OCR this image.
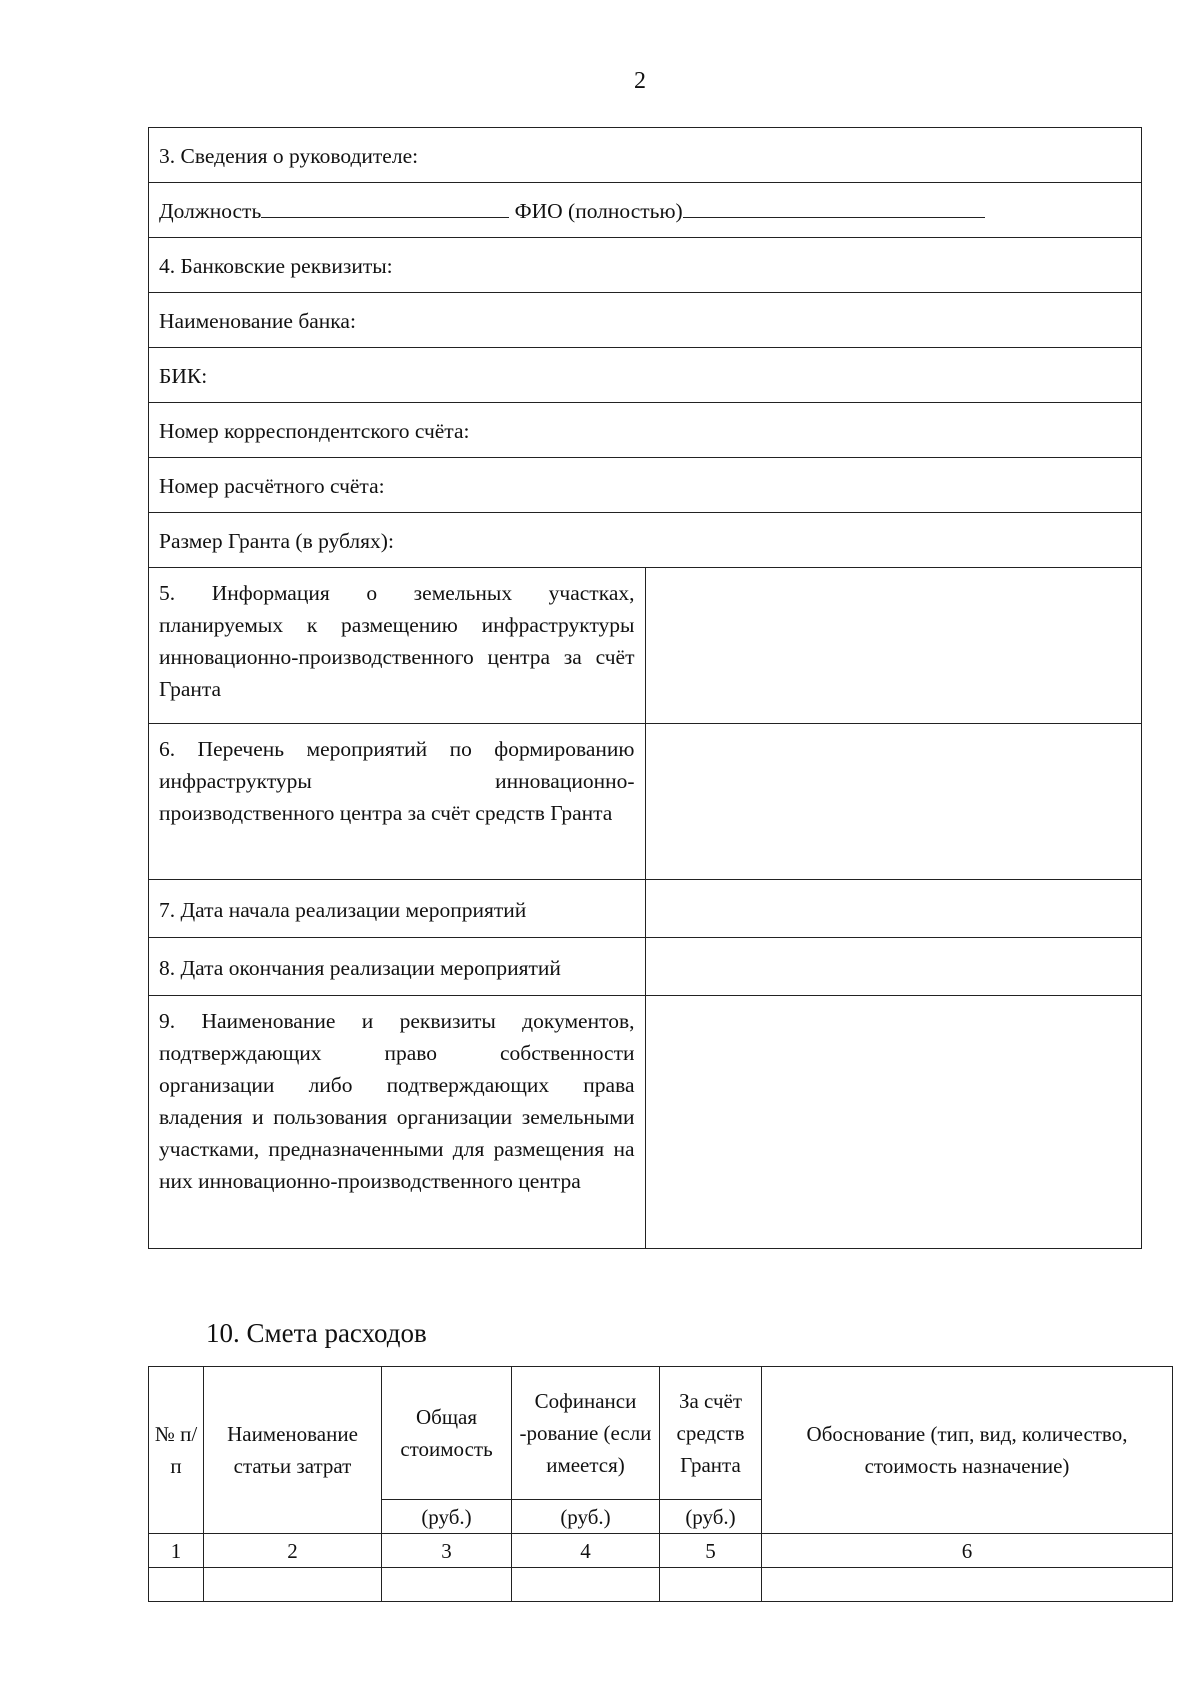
2
3. Сведения о руководителе:	
Должность ФИО (полностью)	
4. Банковские реквизиты:	
Наименование банка:	
БИК:	
Номер корреспондентского счёта:	
Номер расчётного счёта:	
Размер Гранта (в рублях):	
5. Информация о земельных участках, планируемых к размещению инфраструктуры инновационно-производственного центра за счёт Гранта	
6. Перечень мероприятий по формированию инфраструктуры инновационно- производственного центра за счёт средств Гранта	
7. Дата начала реализации мероприятий	
8. Дата окончания реализации мероприятий	
9. Наименование и реквизиты документов, подтверждающих право собственности организации либо подтверждающих права владения и пользования организации земельными участками, предназначенными для размещения на них инновационно-производственного центра	
10. Смета расходов
№ п/п	Наименование статьи затрат	Общая стоимость	Софинанси -рование (если имеется)	За счёт средств Гранта	Обоснование (тип, вид, количество, стоимость назначение)
		(руб.)	(руб.)	(руб.)	
1	2	3	4	5	6
